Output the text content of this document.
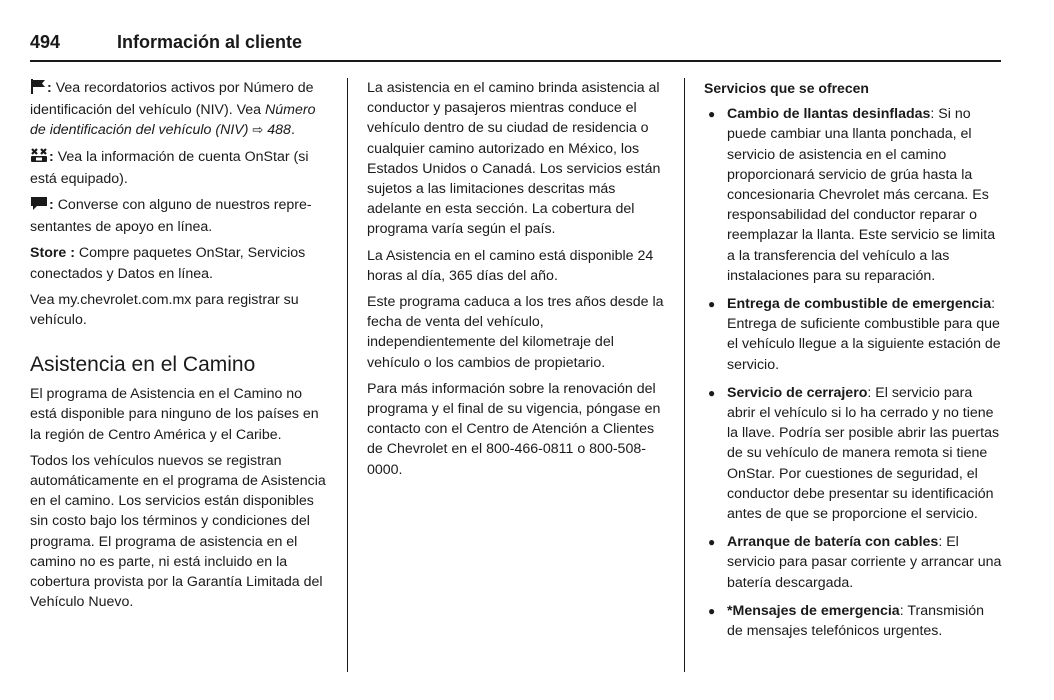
494	Información al cliente

: Vea recordatorios activos por Número de identificación del vehículo (NIV). Vea Número de identificación del vehículo (NIV) ⇨ 488.

: Vea la información de cuenta OnStar (si está equipado).

: Converse con alguno de nuestros representantes de apoyo en línea.

Store : Compre paquetes OnStar, Servicios conectados y Datos en línea.

Vea my.chevrolet.com.mx para registrar su vehículo.

Asistencia en el Camino

El programa de Asistencia en el Camino no está disponible para ninguno de los países en la región de Centro América y el Caribe.

Todos los vehículos nuevos se registran automáticamente en el programa de Asistencia en el camino. Los servicios están disponibles sin costo bajo los términos y condiciones del programa. El programa de asistencia en el camino no es parte, ni está incluido en la cobertura provista por la Garantía Limitada del Vehículo Nuevo.

La asistencia en el camino brinda asistencia al conductor y pasajeros mientras conduce el vehículo dentro de su ciudad de residencia o cualquier camino autorizado en México, los Estados Unidos o Canadá. Los servicios están sujetos a las limitaciones descritas más adelante en esta sección. La cobertura del programa varía según el país.

La Asistencia en el camino está disponible 24 horas al día, 365 días del año.

Este programa caduca a los tres años desde la fecha de venta del vehículo, independientemente del kilometraje del vehículo o los cambios de propietario.

Para más información sobre la renovación del programa y el final de su vigencia, póngase en contacto con el Centro de Atención a Clientes de Chevrolet en el 800-466-0811 o 800-508-0000.

Servicios que se ofrecen
● Cambio de llantas desinfladas: Si no puede cambiar una llanta ponchada, el servicio de asistencia en el camino proporcionará servicio de grúa hasta la concesionaria Chevrolet más cercana. Es responsabilidad del conductor reparar o reemplazar la llanta. Este servicio se limita a la transferencia del vehículo a las instalaciones para su reparación.
● Entrega de combustible de emergencia: Entrega de suficiente combustible para que el vehículo llegue a la siguiente estación de servicio.
● Servicio de cerrajero: El servicio para abrir el vehículo si lo ha cerrado y no tiene la llave. Podría ser posible abrir las puertas de su vehículo de manera remota si tiene OnStar. Por cuestiones de seguridad, el conductor debe presentar su identificación antes de que se proporcione el servicio.
● Arranque de batería con cables: El servicio para pasar corriente y arrancar una batería descargada.
● *Mensajes de emergencia: Transmisión de mensajes telefónicos urgentes.
